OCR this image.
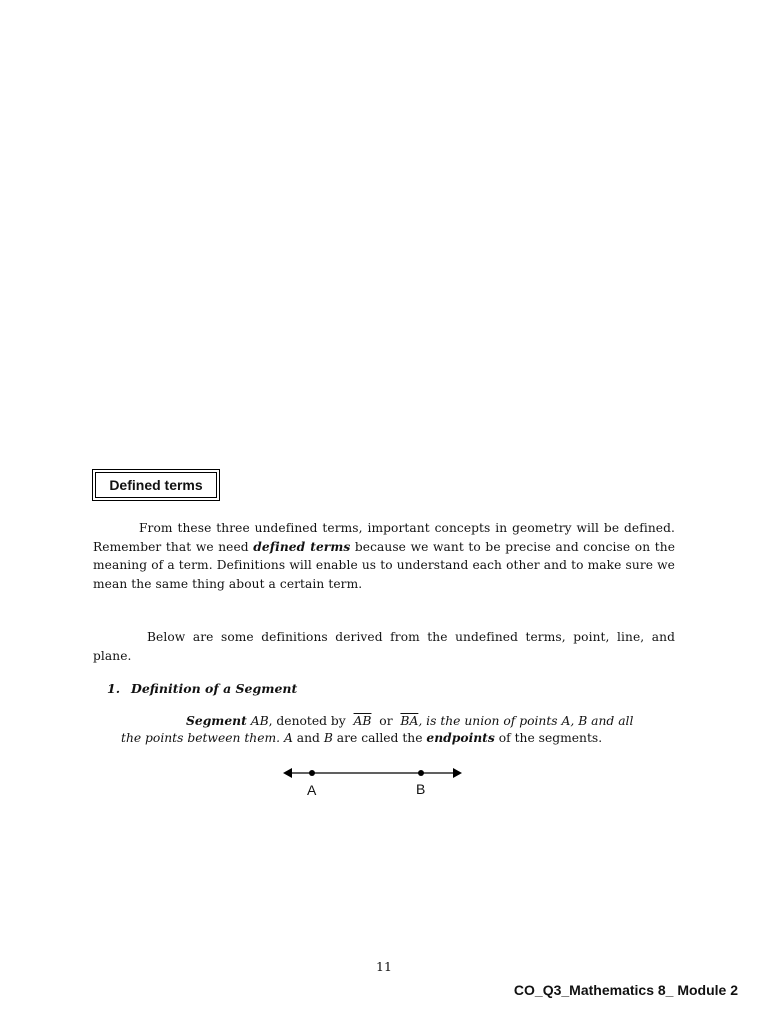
Defined terms

From these three undefined terms, important concepts in geometry will be defined. Remember that we need defined terms because we want to be precise and concise on the meaning of a term. Definitions will enable us to understand each other and to make sure we mean the same thing about a certain term.

Below are some definitions derived from the undefined terms, point, line, and plane.

1. Definition of a Segment
Segment AB, denoted by $\overline{AB}$ or $\overline{BA}$, is the union of points A, B and all
the points between them. A and B are called the endpoints of the segments.
A	B
11
CO_Q3_Mathematics 8_ Module 2
